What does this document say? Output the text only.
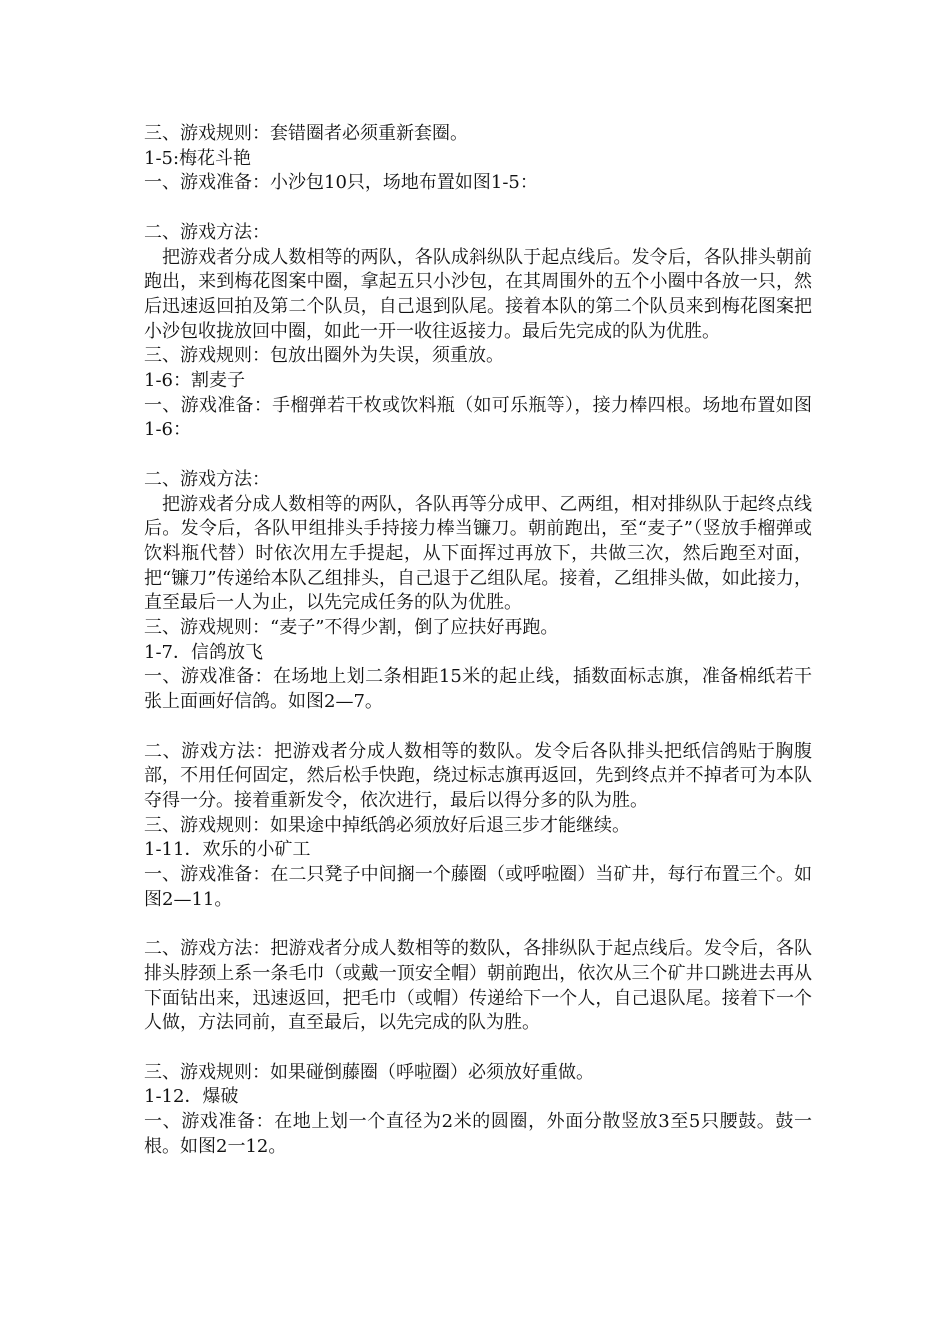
三、游戏规则：套错圈者必须重新套圈。

1-5:梅花斗艳

一、游戏准备：小沙包10只，场地布置如图1-5：

二、游戏方法：

把游戏者分成人数相等的两队，各队成斜纵队于起点线后。发令后，各队排头朝前跑出，来到梅花图案中圈，拿起五只小沙包，在其周围外的五个小圈中各放一只，然后迅速返回拍及第二个队员，自己退到队尾。接着本队的第二个队员来到梅花图案把小沙包收拢放回中圈，如此一开一收往返接力。最后先完成的队为优胜。

三、游戏规则：包放出圈外为失误，须重放。

1-6：割麦子

一、游戏准备：手榴弹若干枚或饮料瓶（如可乐瓶等），接力棒四根。场地布置如图1-6：

二、游戏方法：

把游戏者分成人数相等的两队，各队再等分成甲、乙两组，相对排纵队于起终点线后。发令后，各队甲组排头手持接力棒当镰刀。朝前跑出，至“麦子”（竖放手榴弹或饮料瓶代替）时依次用左手提起，从下面挥过再放下，共做三次，然后跑至对面，把“镰刀”传递给本队乙组排头，自己退于乙组队尾。接着，乙组排头做，如此接力，直至最后一人为止，以先完成任务的队为优胜。

三、游戏规则：“麦子”不得少割，倒了应扶好再跑。

1-7．信鸽放飞

一、游戏准备：在场地上划二条相距15米的起止线，插数面标志旗，准备棉纸若干张上面画好信鸽。如图2—7。

二、游戏方法：把游戏者分成人数相等的数队。发令后各队排头把纸信鸽贴于胸腹部，不用任何固定，然后松手快跑，绕过标志旗再返回，先到终点并不掉者可为本队夺得一分。接着重新发令，依次进行，最后以得分多的队为胜。

三、游戏规则：如果途中掉纸鸽必须放好后退三步才能继续。

1-11．欢乐的小矿工

一、游戏准备：在二只凳子中间搁一个藤圈（或呼啦圈）当矿井，每行布置三个。如图2—11。

二、游戏方法：把游戏者分成人数相等的数队，各排纵队于起点线后。发令后，各队排头脖颈上系一条毛巾（或戴一顶安全帽）朝前跑出，依次从三个矿井口跳进去再从下面钻出来，迅速返回，把毛巾（或帽）传递给下一个人，自己退队尾。接着下一个人做，方法同前，直至最后，以先完成的队为胜。

三、游戏规则：如果碰倒藤圈（呼啦圈）必须放好重做。

1-12．爆破

一、游戏准备：在地上划一个直径为2米的圆圈，外面分散竖放3至5只腰鼓。鼓一根。如图2一12。
